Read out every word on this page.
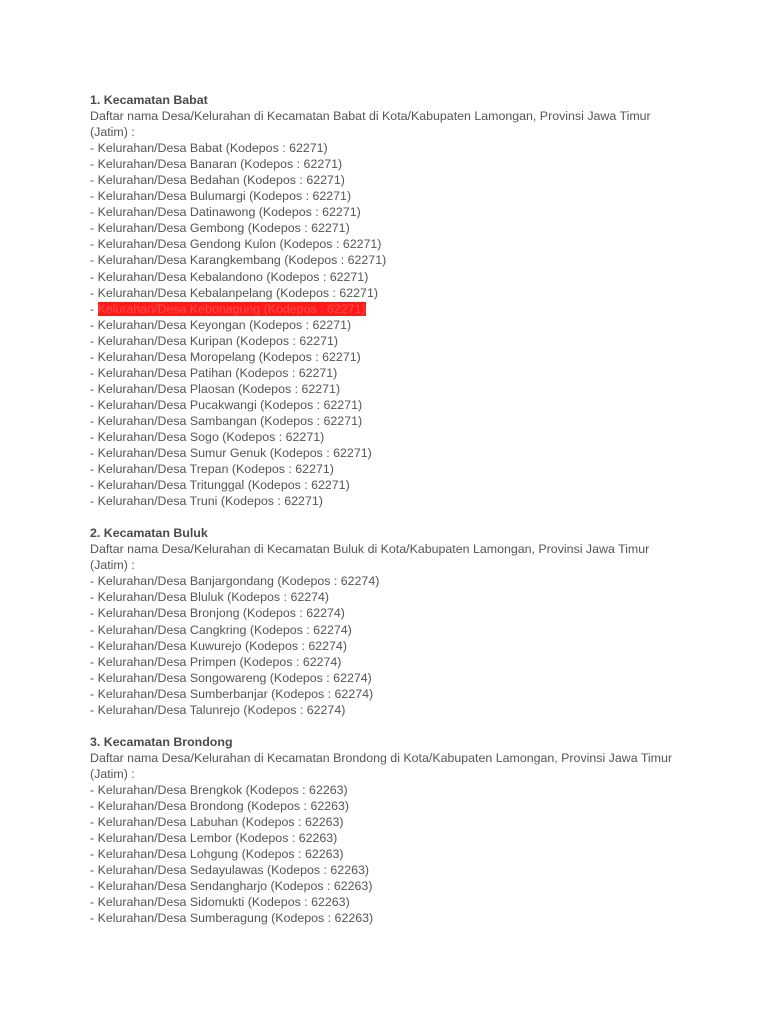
1. Kecamatan Babat
Daftar nama Desa/Kelurahan di Kecamatan Babat di Kota/Kabupaten Lamongan, Provinsi Jawa Timur (Jatim) :
- Kelurahan/Desa Babat (Kodepos : 62271)
- Kelurahan/Desa Banaran (Kodepos : 62271)
- Kelurahan/Desa Bedahan (Kodepos : 62271)
- Kelurahan/Desa Bulumargi (Kodepos : 62271)
- Kelurahan/Desa Datinawong (Kodepos : 62271)
- Kelurahan/Desa Gembong (Kodepos : 62271)
- Kelurahan/Desa Gendong Kulon (Kodepos : 62271)
- Kelurahan/Desa Karangkembang (Kodepos : 62271)
- Kelurahan/Desa Kebalandono (Kodepos : 62271)
- Kelurahan/Desa Kebalanpelang (Kodepos : 62271)
- Kelurahan/Desa Kebonagung (Kodepos : 62271)
- Kelurahan/Desa Keyongan (Kodepos : 62271)
- Kelurahan/Desa Kuripan (Kodepos : 62271)
- Kelurahan/Desa Moropelang (Kodepos : 62271)
- Kelurahan/Desa Patihan (Kodepos : 62271)
- Kelurahan/Desa Plaosan (Kodepos : 62271)
- Kelurahan/Desa Pucakwangi (Kodepos : 62271)
- Kelurahan/Desa Sambangan (Kodepos : 62271)
- Kelurahan/Desa Sogo (Kodepos : 62271)
- Kelurahan/Desa Sumur Genuk (Kodepos : 62271)
- Kelurahan/Desa Trepan (Kodepos : 62271)
- Kelurahan/Desa Tritunggal (Kodepos : 62271)
- Kelurahan/Desa Truni (Kodepos : 62271)
2. Kecamatan Buluk
Daftar nama Desa/Kelurahan di Kecamatan Buluk di Kota/Kabupaten Lamongan, Provinsi Jawa Timur (Jatim) :
- Kelurahan/Desa Banjargondang (Kodepos : 62274)
- Kelurahan/Desa Bluluk (Kodepos : 62274)
- Kelurahan/Desa Bronjong (Kodepos : 62274)
- Kelurahan/Desa Cangkring (Kodepos : 62274)
- Kelurahan/Desa Kuwurejo (Kodepos : 62274)
- Kelurahan/Desa Primpen (Kodepos : 62274)
- Kelurahan/Desa Songowareng (Kodepos : 62274)
- Kelurahan/Desa Sumberbanjar (Kodepos : 62274)
- Kelurahan/Desa Talunrejo (Kodepos : 62274)
3. Kecamatan Brondong
Daftar nama Desa/Kelurahan di Kecamatan Brondong di Kota/Kabupaten Lamongan, Provinsi Jawa Timur (Jatim) :
- Kelurahan/Desa Brengkok (Kodepos : 62263)
- Kelurahan/Desa Brondong (Kodepos : 62263)
- Kelurahan/Desa Labuhan (Kodepos : 62263)
- Kelurahan/Desa Lembor (Kodepos : 62263)
- Kelurahan/Desa Lohgung (Kodepos : 62263)
- Kelurahan/Desa Sedayulawas (Kodepos : 62263)
- Kelurahan/Desa Sendangharjo (Kodepos : 62263)
- Kelurahan/Desa Sidomukti (Kodepos : 62263)
- Kelurahan/Desa Sumberagung (Kodepos : 62263)
